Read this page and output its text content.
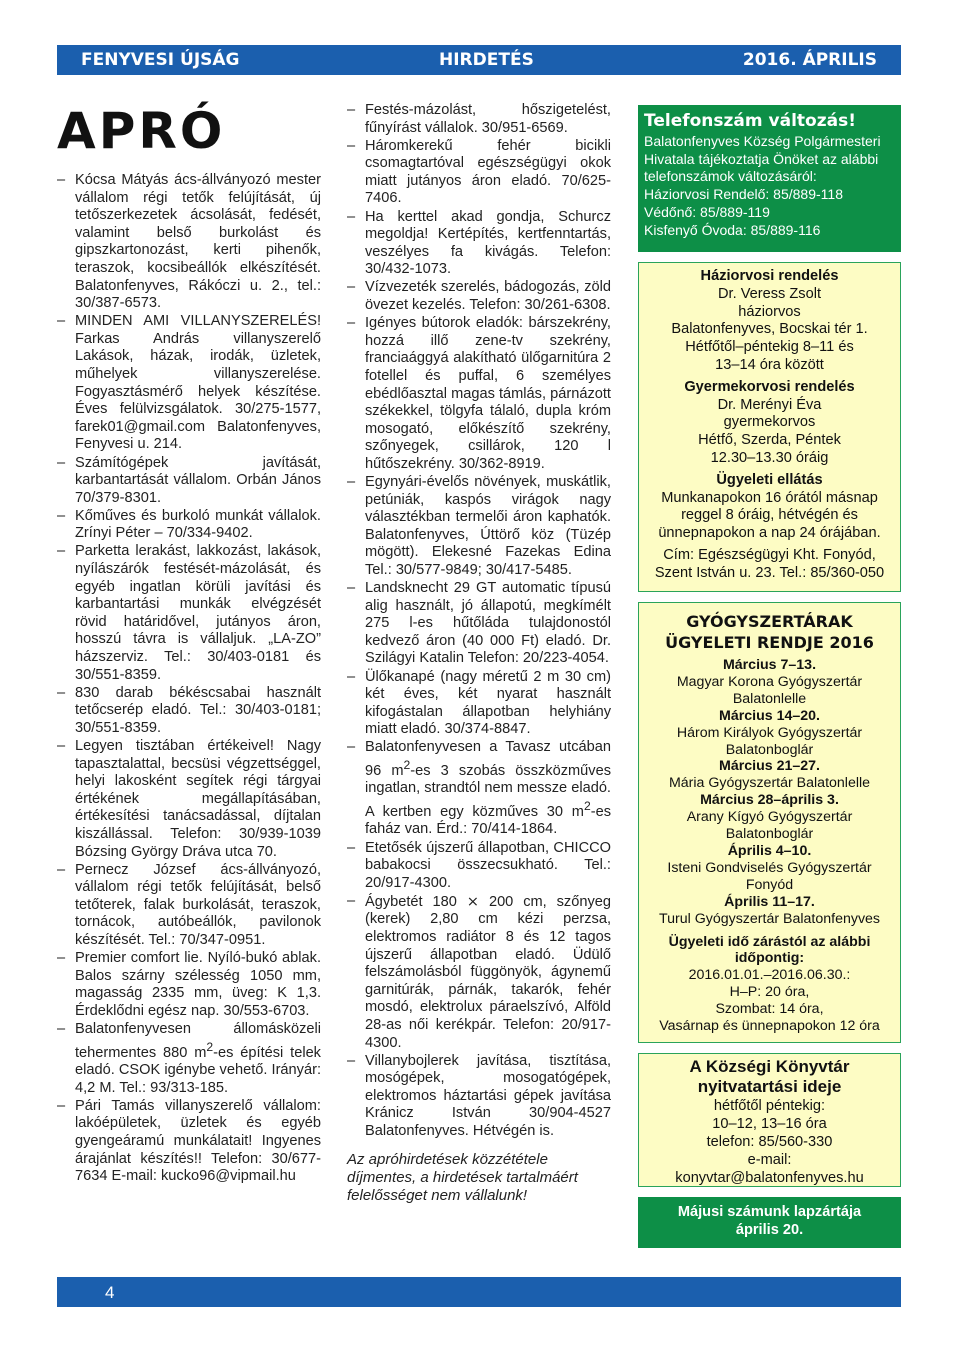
FENYVESI ÚJSÁG	HIRDETÉS	2016. ÁPRILIS
APRÓ
– Kócsa Mátyás ács-állványozó mester vállalom régi tetők felújítását, új tetőszerkezetek ácsolását, fedését, valamint belső burkolást és gipszkartonozást, kerti pihenők, teraszok, kocsibeállók elkészítését. Balatonfenyves, Rákóczi u. 2., tel.: 30/387-6573.
– MINDEN AMI VILLANYSZERELÉS! Farkas András villanyszerelő Lakások, házak, irodák, üzletek, műhelyek villanyszerelése. Fogyasztásmérő helyek készítése. Éves felülvizsgálatok. 30/275-1577, farek01@gmail.com Balatonfenyves, Fenyvesi u. 214.
– Számítógépek javítását, karbantartását vállalom. Orbán János 70/379-8301.
– Kőműves és burkoló munkát vállalok. Zrínyi Péter – 70/334-9402.
– Parketta lerakást, lakkozást, lakások, nyílászárók festését-mázolását, és egyéb ingatlan körüli javítási és karbantartási munkák elvégzését rövid határidővel, jutányos áron, hosszú távra is vállaljuk. „LA-ZO” házszerviz. Tel.: 30/403-0181 és 30/551-8359.
– 830 darab békéscsabai használt tetőcserép eladó. Tel.: 30/403-0181; 30/551-8359.
– Legyen tisztában értékeivel! Nagy tapasztalattal, becsüsi végzettséggel, helyi lakosként segítek régi tárgyai értékének megállapításában, értékesítési tanácsadással, díjtalan kiszállással. Telefon: 30/939-1039 Bózsing György Dráva utca 70.
– Pernecz József ács-állványozó, vállalom régi tetők felújítását, belső tetőterek, falak burkolását, teraszok, tornácok, autóbeállók, pavilonok készítését. Tel.: 70/347-0951.
– Premier comfort lie. Nyíló-bukó ablak. Balos szárny szélesség 1050 mm, magasság 2335 mm, üveg: K 1,3. Érdeklődni egész nap. 30/553-6703.
– Balatonfenyvesen állomásközeli tehermentes 880 $m^2-es$ építési telek eladó. CSOK igénybe vehető. Irányár: 4,2 M. Tel.: 93/313-185.
– Pári Tamás villanyszerelő vállalom: lakóépületek, üzletek és egyéb gyengeáramú munkálatait! Ingyenes árajánlat készítés!! Telefon: 30/677-7634 E-mail: kucko96@vipmail.hu
– Festés-mázolást, hőszigetelést, fűnyírást vállalok. 30/951-6569.
– Háromkerekű fehér bicikli csomagtartóval egészségügyi okok miatt jutányos áron eladó. 70/625-7406.
– Ha kerttel akad gondja, Schurcz megoldja! Kertépítés, kertfenntartás, veszélyes fa kivágás. Telefon: 30/432-1073.
– Vízvezeték szerelés, bádogozás, zöld övezet kezelés. Telefon: 30/261-6308.
– Igényes bútorok eladók: bárszekrény, hozzá illő zene-tv szekrény, franciaággyá alakítható ülőgarnitúra 2 fotellel és puffal, 6 személyes ebédlőasztal magas támlás, párnázott székekkel, tölgyfa tálaló, dupla króm mosogató, előkészítő szekrény, szőnyegek, csillárok, 120 l hűtőszekrény. 30/362-8919.
– Egynyári-évelős növények, muskátlik, petúniák, kaspós virágok nagy választékban termelői áron kaphatók. Balatonfenyves, Úttörő köz (Tüzép mögött). Elekesné Fazekas Edina Tel.: 30/577-9849; 30/417-5485.
– Landsknecht 29 GT automatic típusú alig használt, jó állapotú, megkímélt 275 l-es hűtőláda tulajdonostól kedvező áron (40 000 Ft) eladó. Dr. Szilágyi Katalin Telefon: 20/223-4054.
– Ülőkanapé (nagy méretű 2 m 30 cm) két éves, két nyarat használt kifogástalan állapotban helyhiány miatt eladó. 30/374-8847.
– Balatonfenyvesen a Tavasz utcában 96 $m^2-es$ 3 szobás összközműves ingatlan, strandtól nem messze eladó. A kertben egy közműves 30 $m^2-es$ faház van. Érd.: 70/414-1864.
– Etetősék újszerű állapotban, CHICCO babakocsi összecsukható. Tel.: 20/917-4300.
– Ágybetét 180 × 200 cm, szőnyeg (kerek) 2,80 cm kézi perzsa, elektromos radiátor 8 és 12 tagos újszerű állapotban eladó. Üdülő felszámolásból függönyök, ágynemű garnitúrák, párnák, takarók, fehér mosdó, elektrolux páraelszívó, Alföld 28-as női kerékpár. Telefon: 20/917-4300.
– Villanybojlerek javítása, tisztítása, mosógépek, mosogatógépek, elektromos háztartási gépek javítása Kránicz István 30/904-4527 Balatonfenyves. Hétvégén is.
Az apróhirdetések közzététele díjmentes, a hirdetések tartalmáért felelősséget nem vállalunk!
Telefonszám változás!
Balatonfenyves Község Polgármesteri Hivatala tájékoztatja Önöket az alábbi telefonszámok változásáról:
Háziorvosi Rendelő: 85/889-118
Védőnő: 85/889-119
Kisfenyő Óvoda: 85/889-116
Háziorvosi rendelés
Dr. Veress Zsolt
háziorvos
Balatonfenyves, Bocskai tér 1.
Hétfőtől–péntekig 8–11 és
13–14 óra között
Gyermekorvosi rendelés
Dr. Merényi Éva
gyermekorvos
Hétfő, Szerda, Péntek
12.30–13.30 óráig
Ügyeleti ellátás
Munkanapokon 16 órától másnap reggel 8 óráig, hétvégén és ünnepnapokon a nap 24 órájában.
Cím: Egészségügyi Kht. Fonyód, Szent István u. 23. Tel.: 85/360-050
GYÓGYSZERTÁRAK
ÜGYELETI RENDJE 2016
Március 7–13.
Magyar Korona Gyógyszertár Balatonlelle
Március 14–20.
Három Királyok Gyógyszertár Balatonboglár
Március 21–27.
Mária Gyógyszertár Balatonlelle
Március 28–április 3.
Arany Kígyó Gyógyszertár Balatonboglár
Április 4–10.
Isteni Gondviselés Gyógyszertár Fonyód
Április 11–17.
Turul Gyógyszertár Balatonfenyves
Ügyeleti idő zárástól az alábbi időpontig:
2016.01.01.–2016.06.30.:
H–P: 20 óra,
Szombat: 14 óra,
Vasárnap és ünnepnapokon 12 óra
A Községi Könyvtár nyitvatartási ideje
hétfőtől péntekig:
10–12, 13–16 óra
telefon: 85/560-330
e-mail:
konyvtar@balatonfenyves.hu
Májusi számunk lapzártája
április 20.
4
